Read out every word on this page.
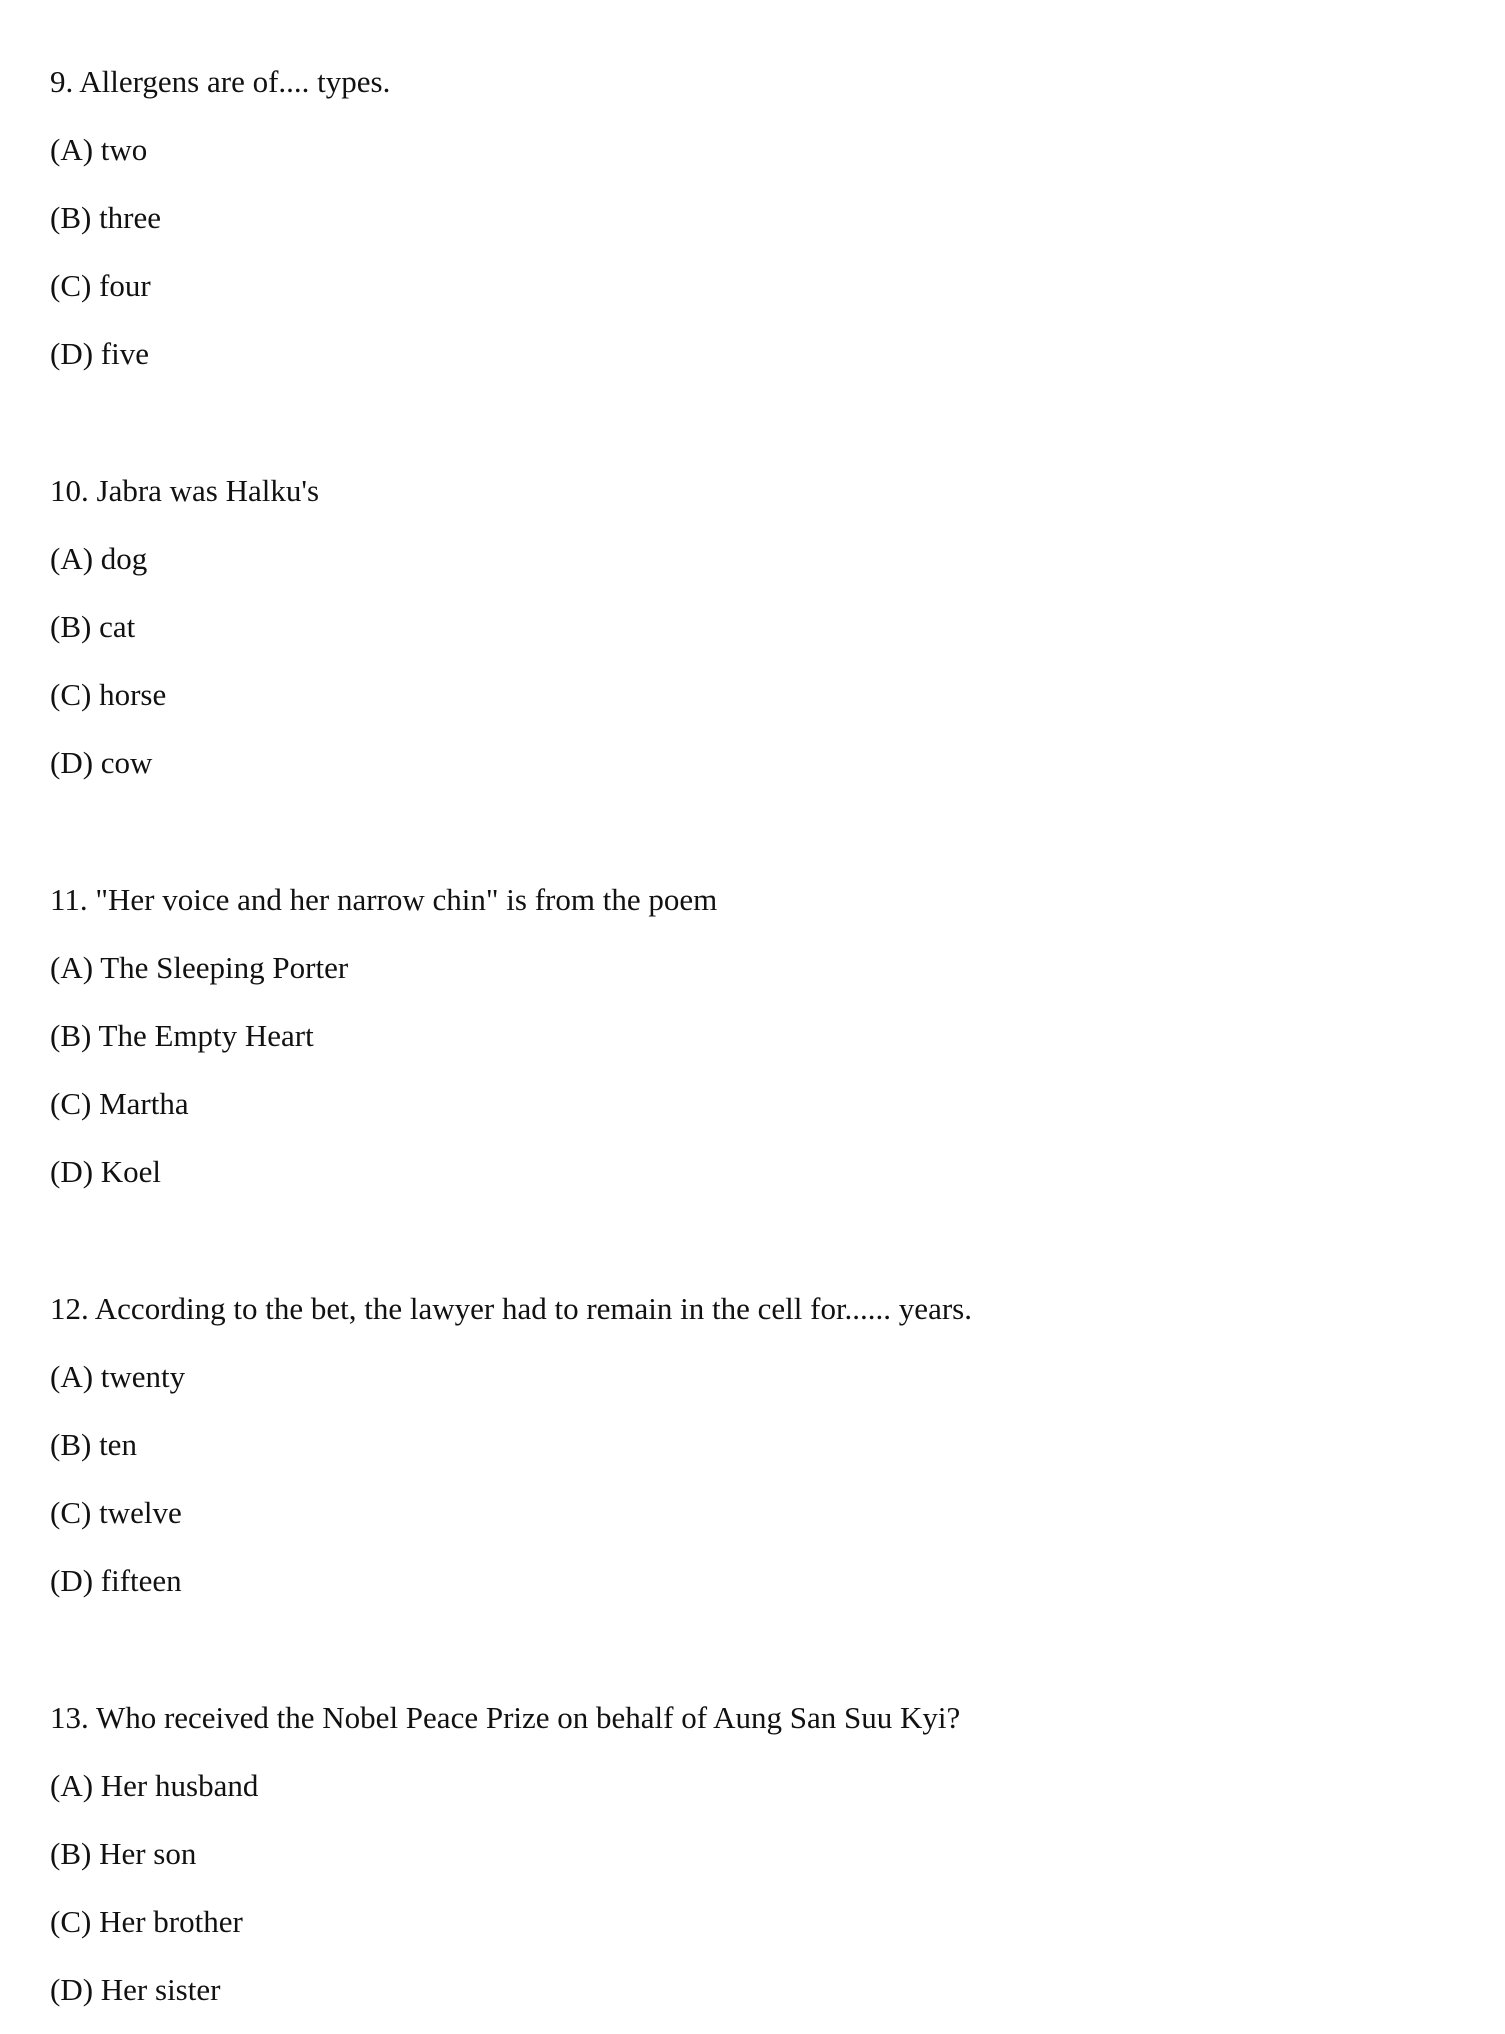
9. Allergens are of.... types.
(A) two
(B) three
(C) four
(D) five
10. Jabra was Halku's
(A) dog
(B) cat
(C) horse
(D) cow
11. "Her voice and her narrow chin" is from the poem
(A) The Sleeping Porter
(B) The Empty Heart
(C) Martha
(D) Koel
12. According to the bet, the lawyer had to remain in the cell for...... years.
(A) twenty
(B) ten
(C) twelve
(D) fifteen
13. Who received the Nobel Peace Prize on behalf of Aung San Suu Kyi?
(A) Her husband
(B) Her son
(C) Her brother
(D) Her sister
